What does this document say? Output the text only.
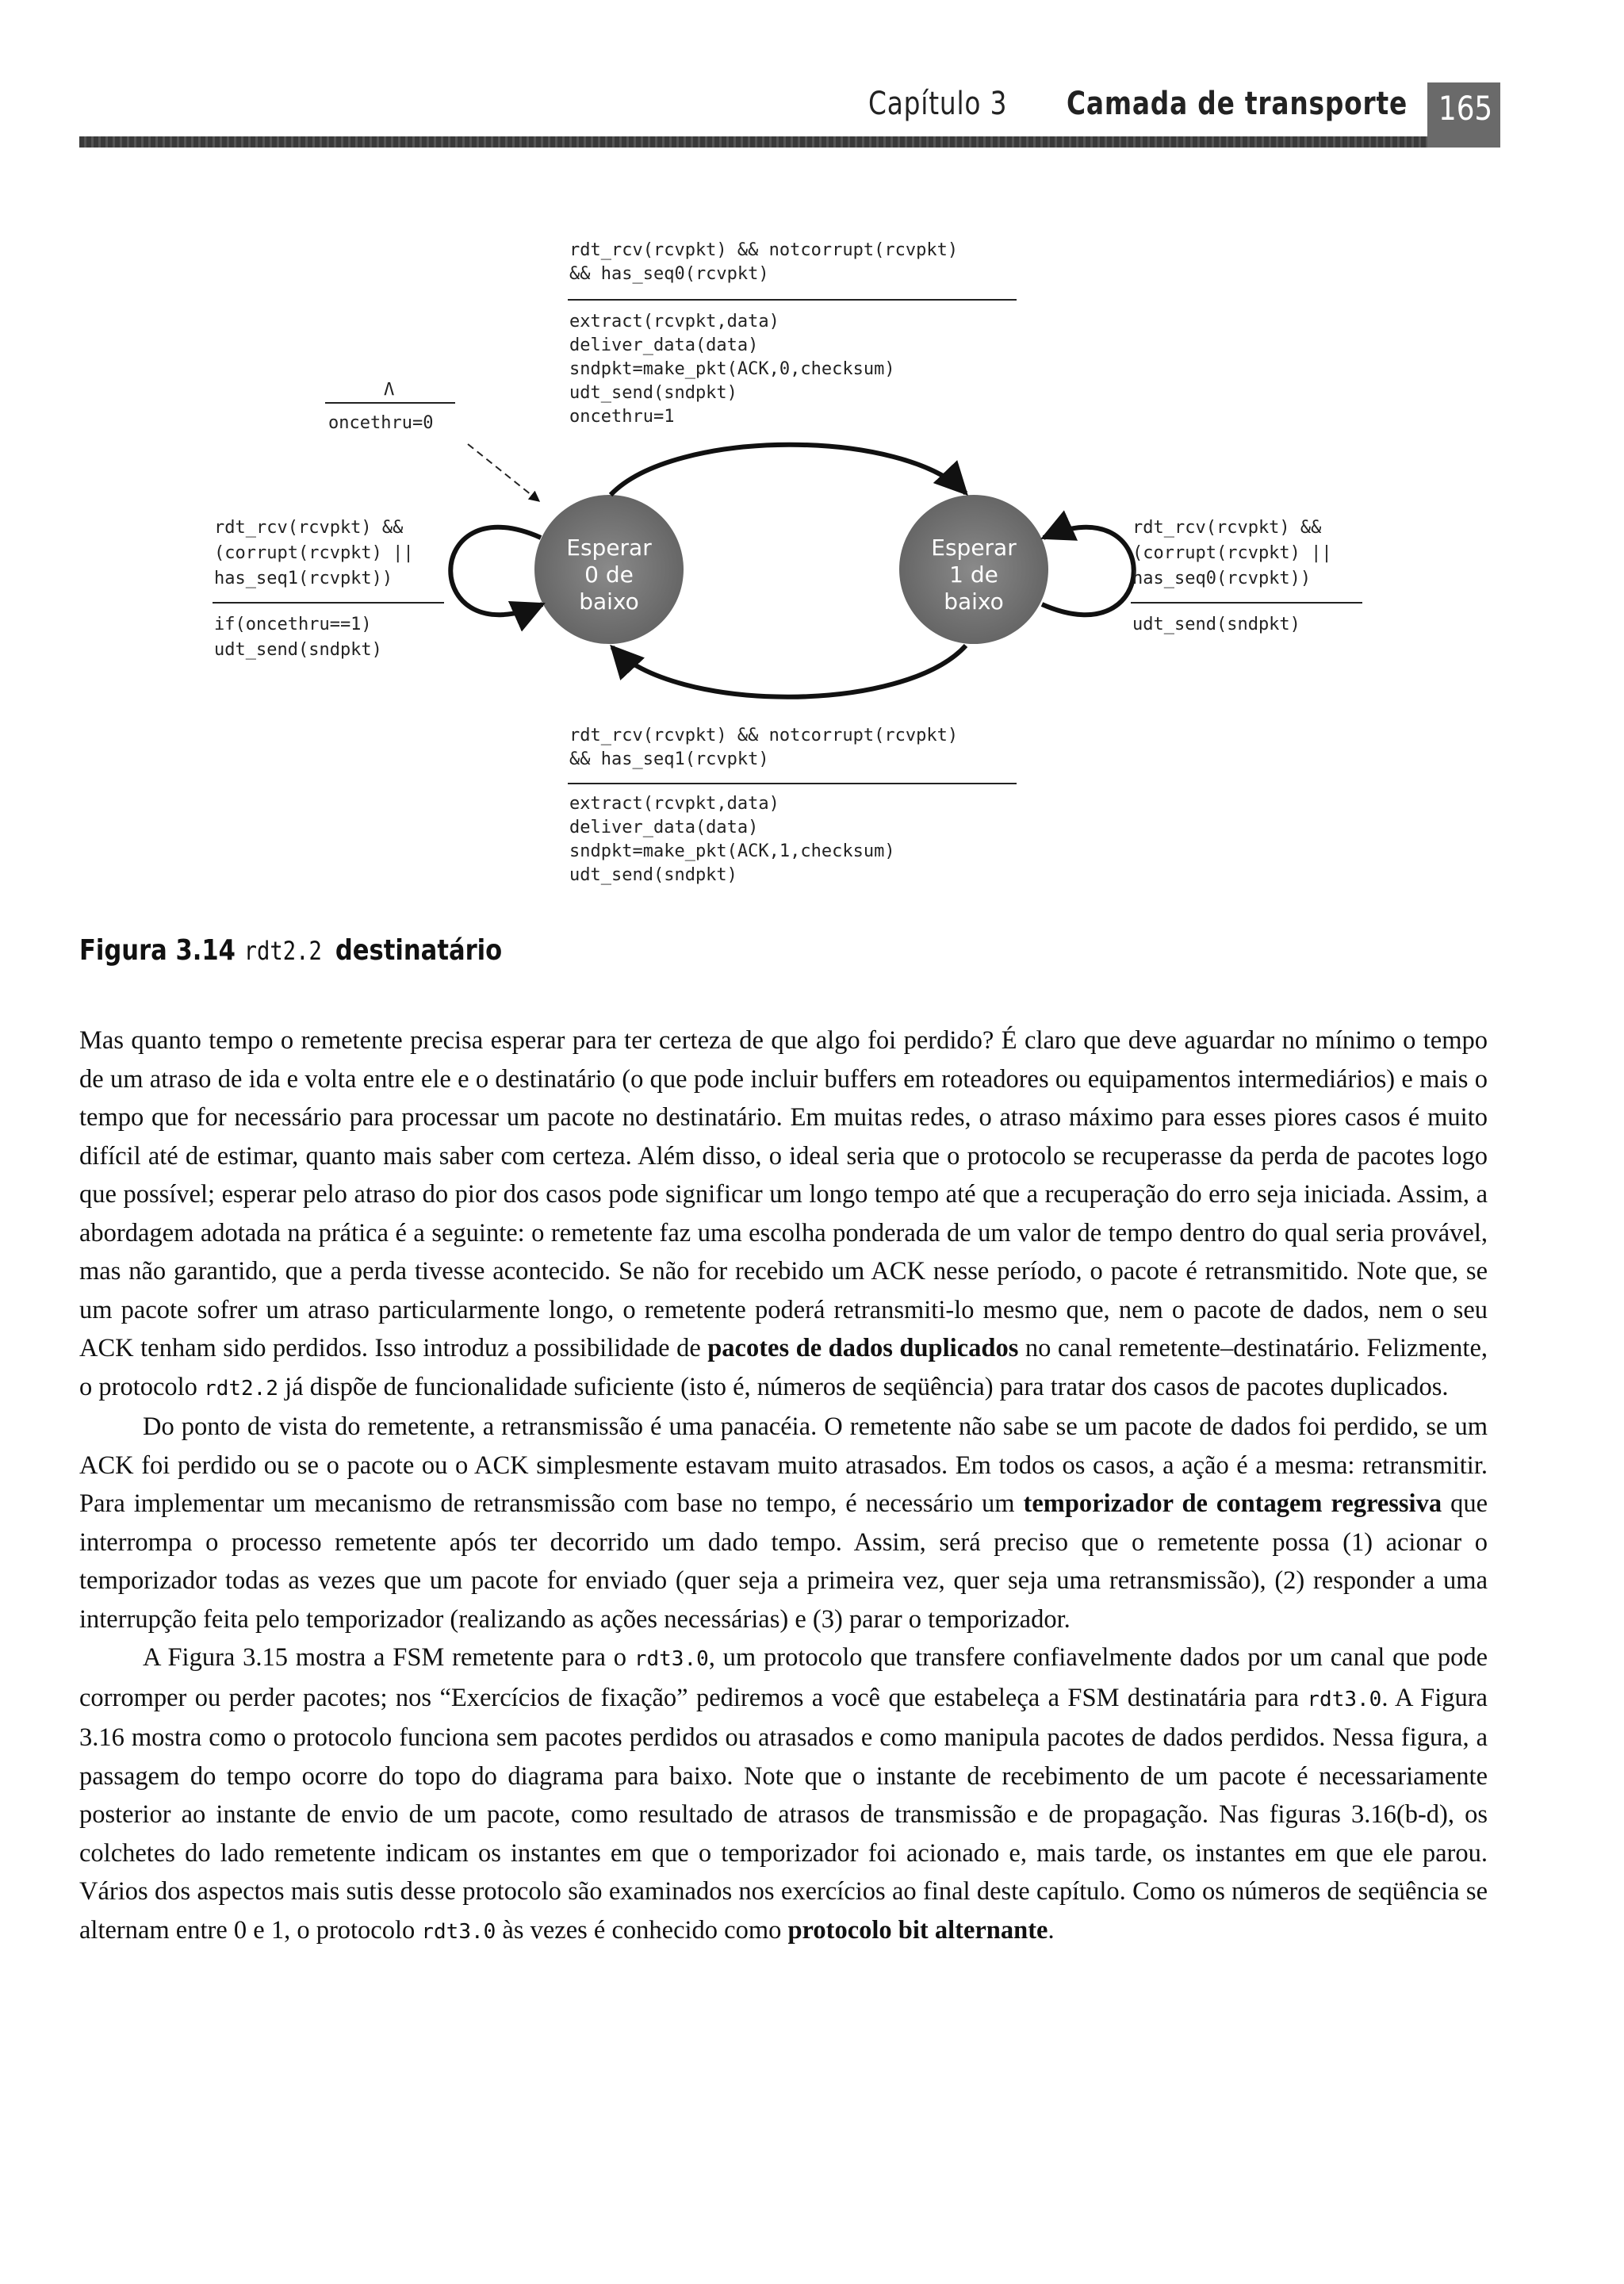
Capítulo 3 Camada de transporte 165
rdt_rcv(rcvpkt) && notcorrupt(rcvpkt)
&& has_seq0(rcvpkt)
extract(rcvpkt,data)
deliver_data(data)
sndpkt=make_pkt(ACK,0,checksum)
udt_send(sndpkt)
oncethru=1
Λ
oncethru=0
Esperar
0 de
baixo
Esperar
1 de
baixo
rdt_rcv(rcvpkt) &&
(corrupt(rcvpkt) ||
has_seq1(rcvpkt))
if(oncethru==1)
udt_send(sndpkt)
rdt_rcv(rcvpkt) &&
(corrupt(rcvpkt) ||
has_seq0(rcvpkt))
udt_send(sndpkt)
rdt_rcv(rcvpkt) && notcorrupt(rcvpkt)
&& has_seq1(rcvpkt)
extract(rcvpkt,data)
deliver_data(data)
sndpkt=make_pkt(ACK,1,checksum)
udt_send(sndpkt)
Figura 3.14 rdt2.2 destinatário

Mas quanto tempo o remetente precisa esperar para ter certeza de que algo foi perdido? É claro que deve aguardar no mínimo o tempo de um atraso de ida e volta entre ele e o destinatário (o que pode incluir buffers em roteadores ou equipamentos intermediários) e mais o tempo que for necessário para processar um pacote no destinatário. Em muitas redes, o atraso máximo para esses piores casos é muito difícil até de estimar, quanto mais saber com certeza. Além disso, o ideal seria que o protocolo se recuperasse da perda de pacotes logo que possível; esperar pelo atraso do pior dos casos pode significar um longo tempo até que a recuperação do erro seja iniciada. Assim, a abordagem adotada na prática é a seguinte: o remetente faz uma escolha ponderada de um valor de tempo dentro do qual seria provável, mas não garantido, que a perda tivesse acontecido. Se não for recebido um ACK nesse período, o pacote é retransmitido. Note que, se um pacote sofrer um atraso particularmente longo, o remetente poderá retransmiti-lo mesmo que, nem o pacote de dados, nem o seu ACK tenham sido perdidos. Isso introduz a possibilidade de pacotes de dados duplicados no canal remetente–destinatário. Felizmente, o protocolo rdt2.2 já dispõe de funcionalidade suficiente (isto é, números de seqüência) para tratar dos casos de pacotes duplicados.

Do ponto de vista do remetente, a retransmissão é uma panacéia. O remetente não sabe se um pacote de dados foi perdido, se um ACK foi perdido ou se o pacote ou o ACK simplesmente estavam muito atrasados. Em todos os casos, a ação é a mesma: retransmitir. Para implementar um mecanismo de retransmissão com base no tempo, é necessário um temporizador de contagem regressiva que interrompa o processo remetente após ter decorrido um dado tempo. Assim, será preciso que o remetente possa (1) acionar o temporizador todas as vezes que um pacote for enviado (quer seja a primeira vez, quer seja uma retransmissão), (2) responder a uma interrupção feita pelo temporizador (realizando as ações necessárias) e (3) parar o temporizador.

A Figura 3.15 mostra a FSM remetente para o rdt3.0, um protocolo que transfere confiavelmente dados por um canal que pode corromper ou perder pacotes; nos “Exercícios de fixação” pediremos a você que estabeleça a FSM destinatária para rdt3.0. A Figura 3.16 mostra como o protocolo funciona sem pacotes perdidos ou atrasados e como manipula pacotes de dados perdidos. Nessa figura, a passagem do tempo ocorre do topo do diagrama para baixo. Note que o instante de recebimento de um pacote é necessariamente posterior ao instante de envio de um pacote, como resultado de atrasos de transmissão e de propagação. Nas figuras 3.16(b-d), os colchetes do lado remetente indicam os instantes em que o temporizador foi acionado e, mais tarde, os instantes em que ele parou. Vários dos aspectos mais sutis desse protocolo são examinados nos exercícios ao final deste capítulo. Como os números de seqüência se alternam entre 0 e 1, o protocolo rdt3.0 às vezes é conhecido como protocolo bit alternante.
